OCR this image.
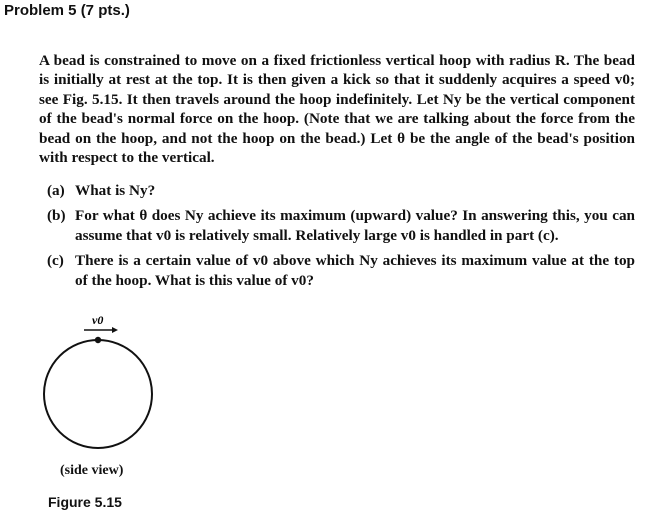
Problem 5 (7 pts.)

A bead is constrained to move on a fixed frictionless vertical hoop with radius R. The bead is initially at rest at the top. It is then given a kick so that it suddenly acquires a speed v0; see Fig. 5.15. It then travels around the hoop indefinitely. Let Ny be the vertical component of the bead's normal force on the hoop. (Note that we are talking about the force from the bead on the hoop, and not the hoop on the bead.) Let θ be the angle of the bead's position with respect to the vertical.

(a) What is Ny?
(b) For what θ does Ny achieve its maximum (upward) value? In answering this, you can assume that v0 is relatively small. Relatively large v0 is handled in part (c).
(c) There is a certain value of v0 above which Ny achieves its maximum value at the top of the hoop. What is this value of v0?
v0
(side view)
Figure 5.15
